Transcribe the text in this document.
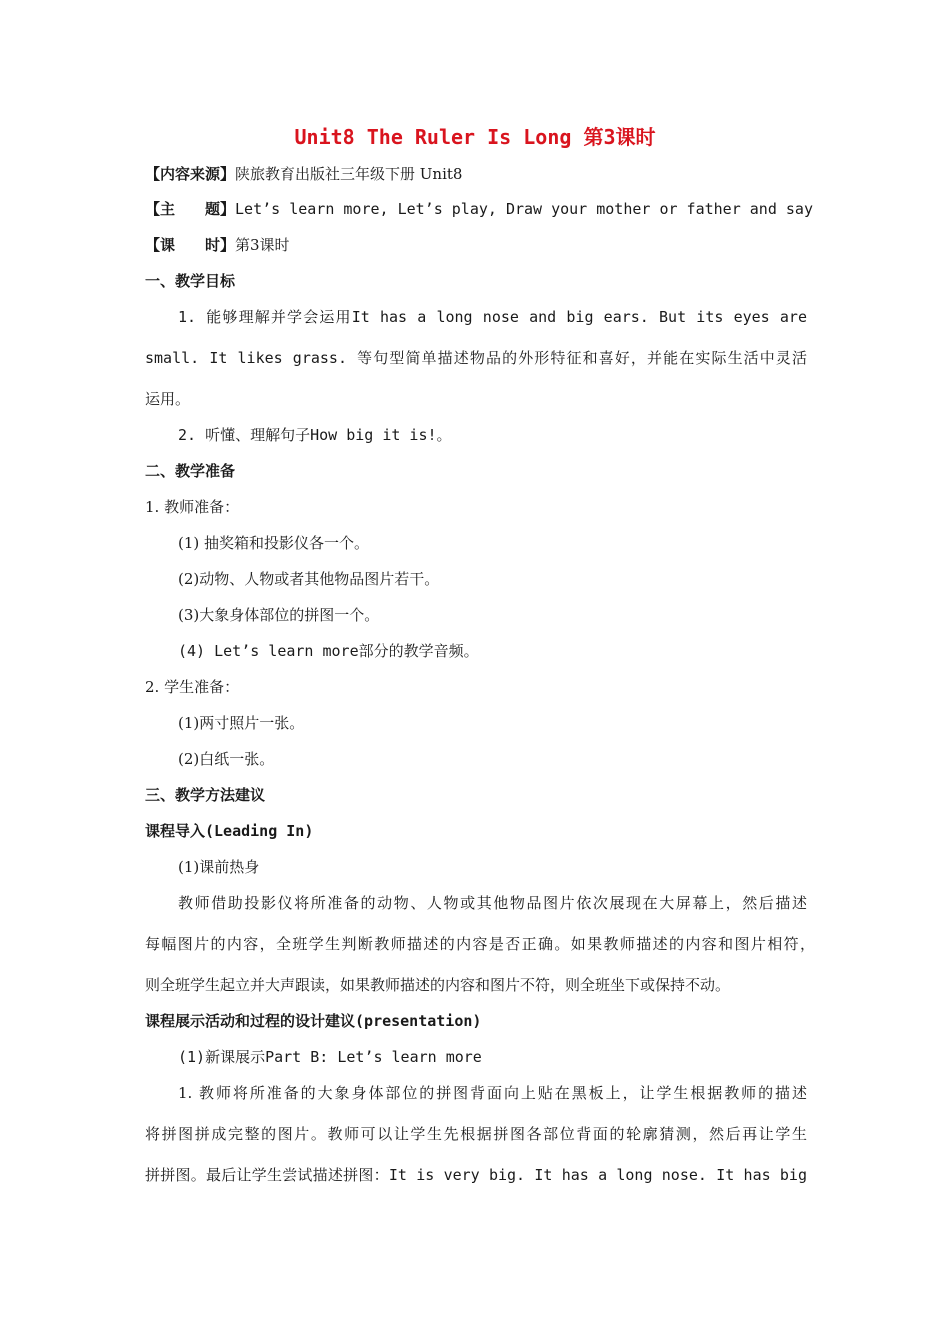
Unit8 The Ruler Is Long 第3课时
【内容来源】陕旅教育出版社三年级下册 Unit8
【主　　题】Let’s learn more, Let’s play, Draw your mother or father and say
【课　　时】第3课时
一、教学目标
1. 能够理解并学会运用It has a long nose and big ears. But its eyes are
small. It likes grass. 等句型简单描述物品的外形特征和喜好，并能在实际生活中灵活
运用。
2. 听懂、理解句子How big it is!。
二、教学准备
1. 教师准备：
(1) 抽奖箱和投影仪各一个。
(2)动物、人物或者其他物品图片若干。
(3)大象身体部位的拼图一个。
(4) Let’s learn more部分的教学音频。
2. 学生准备：
(1)两寸照片一张。
(2)白纸一张。
三、教学方法建议
课程导入(Leading In)
(1)课前热身
教师借助投影仪将所准备的动物、人物或其他物品图片依次展现在大屏幕上，然后描述
每幅图片的内容，全班学生判断教师描述的内容是否正确。如果教师描述的内容和图片相符，
则全班学生起立并大声跟读，如果教师描述的内容和图片不符，则全班坐下或保持不动。
课程展示活动和过程的设计建议(presentation)
(1)新课展示Part B: Let’s learn more
1. 教师将所准备的大象身体部位的拼图背面向上贴在黑板上，让学生根据教师的描述
将拼图拼成完整的图片。教师可以让学生先根据拼图各部位背面的轮廓猜测，然后再让学生
拼拼图。最后让学生尝试描述拼图：It is very big. It has a long nose. It has big
